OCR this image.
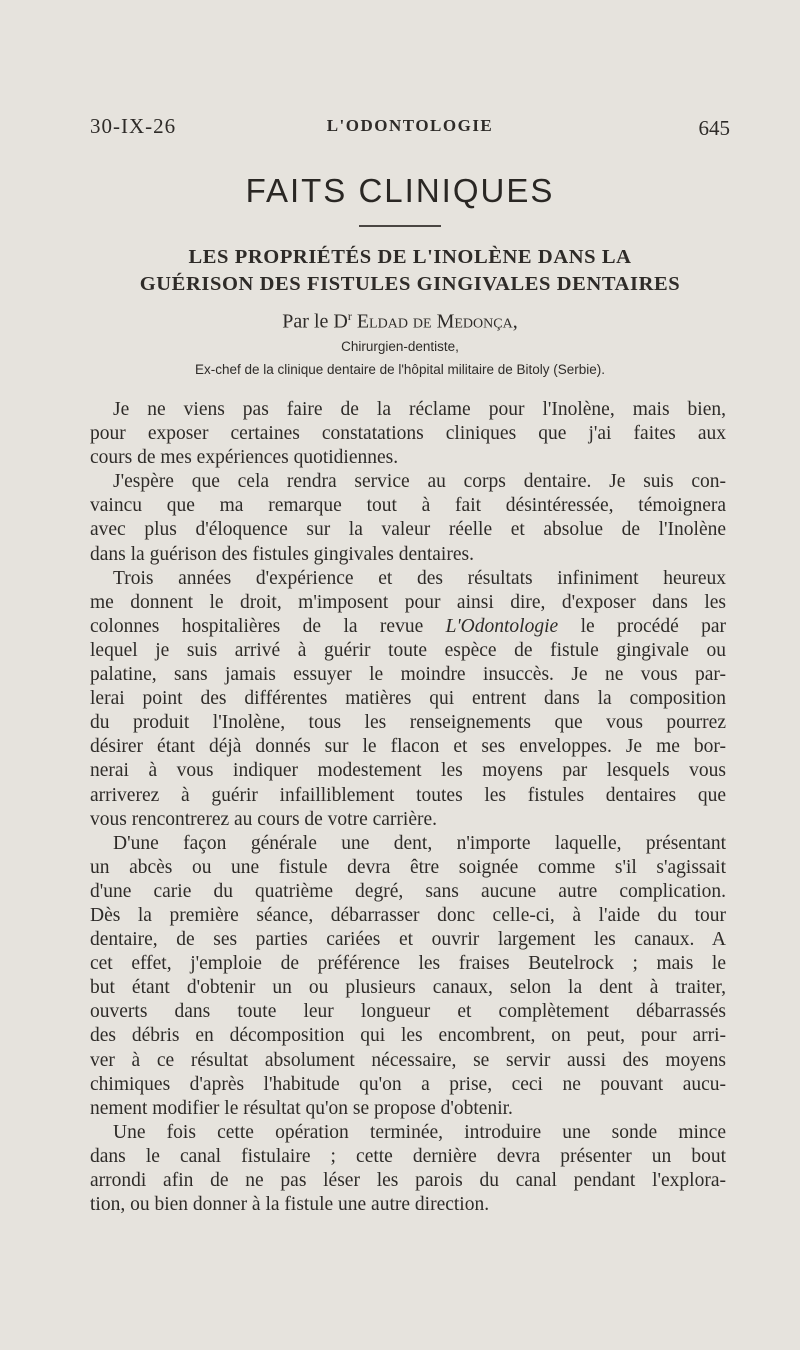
30-IX-26	L'ODONTOLOGIE	645
FAITS CLINIQUES
LES PROPRIÉTÉS DE L'INOLÈNE DANS LA
GUÉRISON DES FISTULES GINGIVALES DENTAIRES
Par le $D^r$ Eldad de Medonça,
Chirurgien-dentiste,
Ex-chef de la clinique dentaire de l'hôpital militaire de Bitoly (Serbie).
Je ne viens pas faire de la réclame pour l'Inolène, mais bien,
pour exposer certaines constatations cliniques que j'ai faites aux
cours de mes expériences quotidiennes.
J'espère que cela rendra service au corps dentaire. Je suis con-
vaincu que ma remarque tout à fait désintéressée, témoignera
avec plus d'éloquence sur la valeur réelle et absolue de l'Inolène
dans la guérison des fistules gingivales dentaires.
Trois années d'expérience et des résultats infiniment heureux
me donnent le droit, m'imposent pour ainsi dire, d'exposer dans les
colonnes hospitalières de la revue L'Odontologie le procédé par
lequel je suis arrivé à guérir toute espèce de fistule gingivale ou
palatine, sans jamais essuyer le moindre insuccès. Je ne vous par-
lerai point des différentes matières qui entrent dans la composition
du produit l'Inolène, tous les renseignements que vous pourrez
désirer étant déjà donnés sur le flacon et ses enveloppes. Je me bor-
nerai à vous indiquer modestement les moyens par lesquels vous
arriverez à guérir infailliblement toutes les fistules dentaires que
vous rencontrerez au cours de votre carrière.
D'une façon générale une dent, n'importe laquelle, présentant
un abcès ou une fistule devra être soignée comme s'il s'agissait
d'une carie du quatrième degré, sans aucune autre complication.
Dès la première séance, débarrasser donc celle-ci, à l'aide du tour
dentaire, de ses parties cariées et ouvrir largement les canaux. A
cet effet, j'emploie de préférence les fraises Beutelrock ; mais le
but étant d'obtenir un ou plusieurs canaux, selon la dent à traiter,
ouverts dans toute leur longueur et complètement débarrassés
des débris en décomposition qui les encombrent, on peut, pour arri-
ver à ce résultat absolument nécessaire, se servir aussi des moyens
chimiques d'après l'habitude qu'on a prise, ceci ne pouvant aucu-
nement modifier le résultat qu'on se propose d'obtenir.
Une fois cette opération terminée, introduire une sonde mince
dans le canal fistulaire ; cette dernière devra présenter un bout
arrondi afin de ne pas léser les parois du canal pendant l'explora-
tion, ou bien donner à la fistule une autre direction.
